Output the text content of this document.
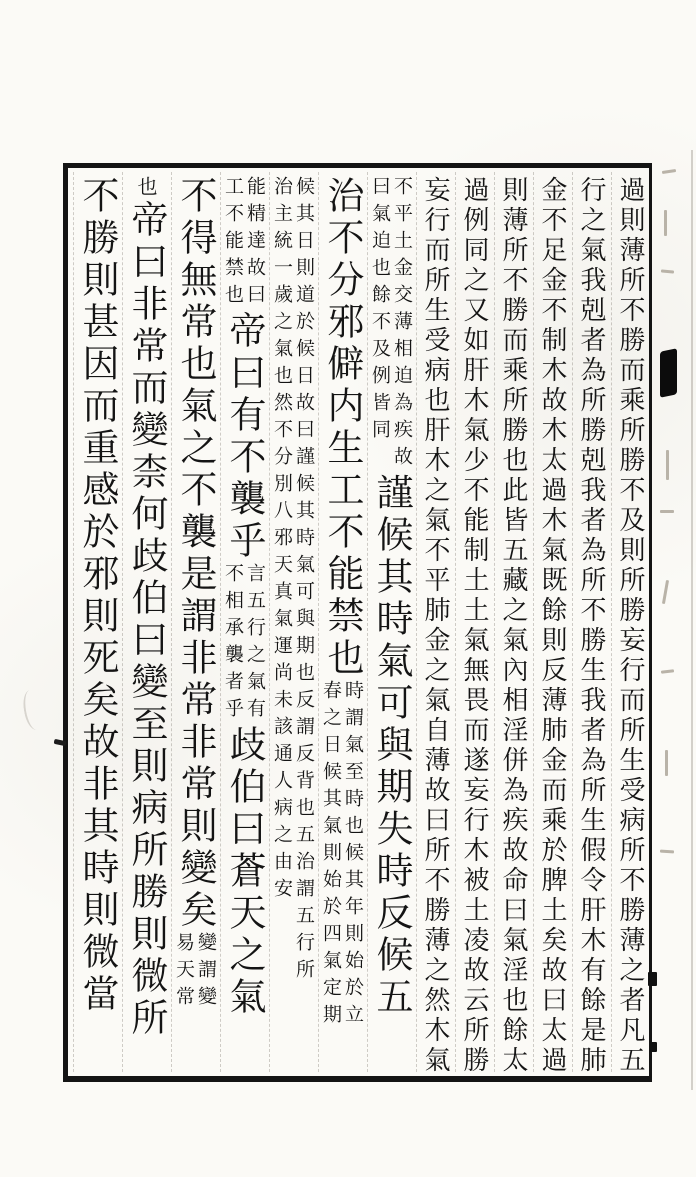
過則薄所不勝而乘所勝不及則所勝妄行而所生受病所不勝薄之者凡五
行之氣我剋者為所勝剋我者為所不勝生我者為所生假令肝木有餘是肺
金不足金不制木故木太過木氣既餘則反薄肺金而乘於脾土矣故曰太過
則薄所不勝而乘所勝也此皆五藏之氣內相淫併為疾故命曰氣淫也餘太
過例同之又如肝木氣少不能制土土氣無畏而遂妄行木被土凌故云所勝
妄行而所生受病也肝木之氣不平肺金之氣自薄故曰所不勝薄之然木氣
不平土金交薄相迫為疾故
曰氣迫也餘不及例皆同
謹候其時氣可與期失時反候五
治不分邪僻内生工不能禁也
時謂氣至時也候其年則始於立
春之日候其氣則始於四氣定期
候其日則道於候日故曰謹候其時氣可與期也反謂反背也五治謂五行所
治主統一歲之氣也然不分別八邪天真氣運尚未該通人病之由安
能精達故曰
工不能禁也
帝曰有不襲乎
言五行之氣有
不相承襲者乎
歧伯曰蒼天之氣
不得無常也氣之不襲是謂非常非常則變矣
變謂變
易天常
也帝曰非常而變柰何歧伯曰變至則病所勝則微所
不勝則甚因而重感於邪則死矣故非其時則微當
